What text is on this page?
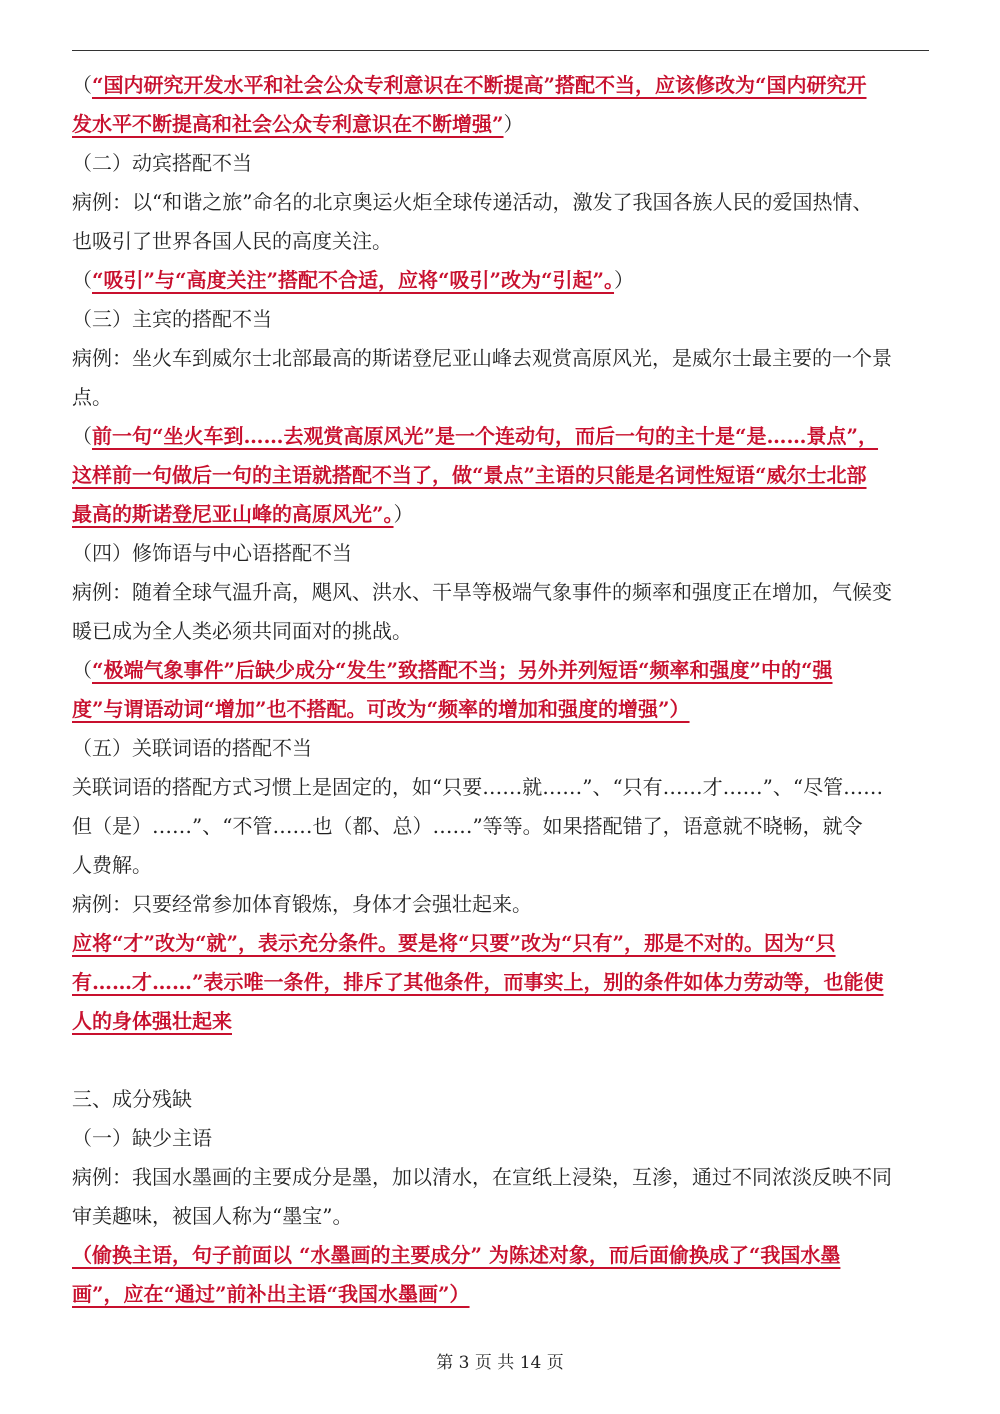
（“国内研究开发水平和社会公众专利意识在不断提高”搭配不当，应该修改为“国内研究开
发水平不断提高和社会公众专利意识在不断增强”）
（二）动宾搭配不当
病例：以“和谐之旅”命名的北京奥运火炬全球传递活动，激发了我国各族人民的爱国热情、
也吸引了世界各国人民的高度关注。
（“吸引”与“高度关注”搭配不合适，应将“吸引”改为“引起”。）
（三）主宾的搭配不当
病例：坐火车到威尔士北部最高的斯诺登尼亚山峰去观赏高原风光，是威尔士最主要的一个景
点。
（前一句“坐火车到……去观赏高原风光”是一个连动句，而后一句的主十是“是……景点”，
这样前一句做后一句的主语就搭配不当了，做“景点”主语的只能是名词性短语“威尔士北部
最高的斯诺登尼亚山峰的高原风光”。）
（四）修饰语与中心语搭配不当
病例：随着全球气温升高，飓风、洪水、干旱等极端气象事件的频率和强度正在增加，气候变
暖已成为全人类必须共同面对的挑战。
（“极端气象事件”后缺少成分“发生”致搭配不当；另外并列短语“频率和强度”中的“强
度”与谓语动词“增加”也不搭配。可改为“频率的增加和强度的增强”）
（五）关联词语的搭配不当
关联词语的搭配方式习惯上是固定的，如“只要……就……”、“只有……才……”、“尽管……
但（是）……”、“不管……也（都、总）……”等等。如果搭配错了，语意就不晓畅，就令
人费解。
病例：只要经常参加体育锻炼，身体才会强壮起来。
应将“才”改为“就”，表示充分条件。要是将“只要”改为“只有”，那是不对的。因为“只
有……才……”表示唯一条件，排斥了其他条件，而事实上，别的条件如体力劳动等，也能使
人的身体强壮起来
三、成分残缺
（一）缺少主语
病例：我国水墨画的主要成分是墨，加以清水，在宣纸上浸染，互渗，通过不同浓淡反映不同
审美趣味，被国人称为“墨宝”。
（偷换主语，句子前面以 “水墨画的主要成分” 为陈述对象，而后面偷换成了“我国水墨
画”，应在“通过”前补出主语“我国水墨画”）
第 3 页 共 14 页
